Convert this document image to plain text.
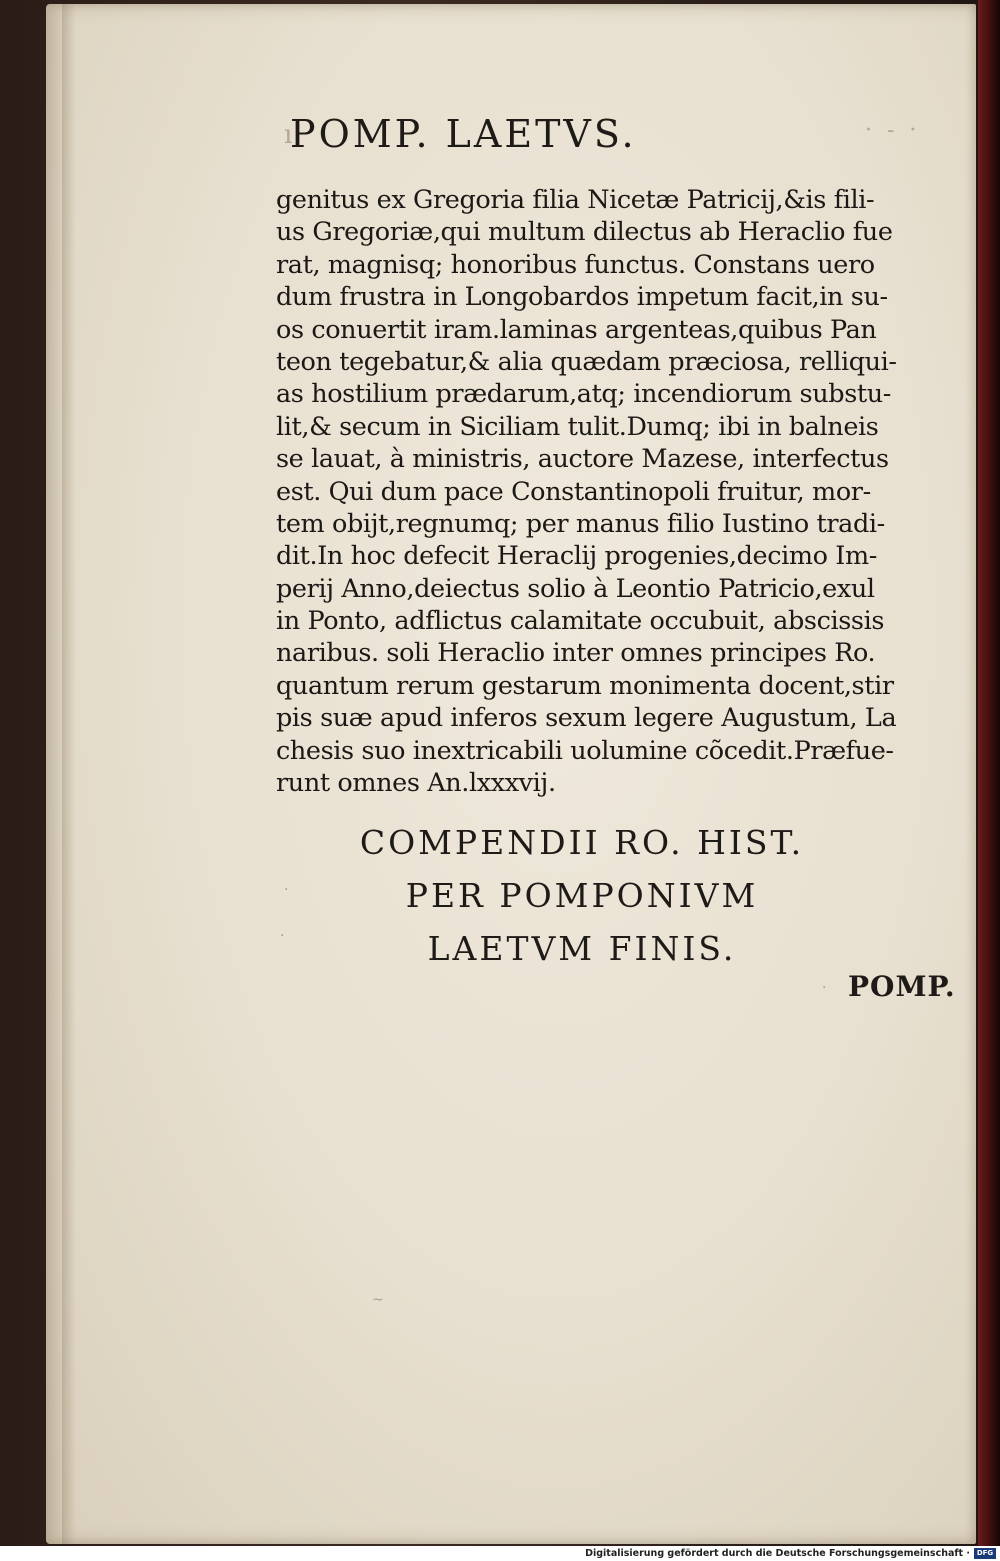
ı
POMP. LAETVS.	· - ·
genitus ex Gregoria filia Nicetæ Patricij,&is fili-
us Gregoriæ,qui multum dilectus ab Heraclio fue
rat, magnisq; honoribus functus. Constans uero
dum frustra in Longobardos impetum facit,in su-
os conuertit iram.laminas argenteas,quibus Pan
teon tegebatur,& alia quædam præciosa, relliqui-
as hostilium prædarum,atq; incendiorum substu-
lit,& secum in Siciliam tulit.Dumq; ibi in balneis
se lauat, à ministris, auctore Mazese, interfectus
est. Qui dum pace Constantinopoli fruitur, mor-
tem obijt,regnumq; per manus filio Iustino tradi-
dit.In hoc defecit Heraclij progenies,decimo Im-
perij Anno,deiectus solio à Leontio Patricio,exul
in Ponto, adflictus calamitate occubuit, abscissis
naribus. soli Heraclio inter omnes principes Ro.
quantum rerum gestarum monimenta docent,stir
pis suæ apud inferos sexum legere Augustum, La
chesis suo inextricabili uolumine cõcedit.Præfue-
runt omnes An.lxxxvij.
COMPENDII RO. HIST.
PER POMPONIVM
LAETVM FINIS.
·
·
·
~
POMP.
Digitalisierung gefördert durch die Deutsche Forschungsgemeinschaft · DFG
